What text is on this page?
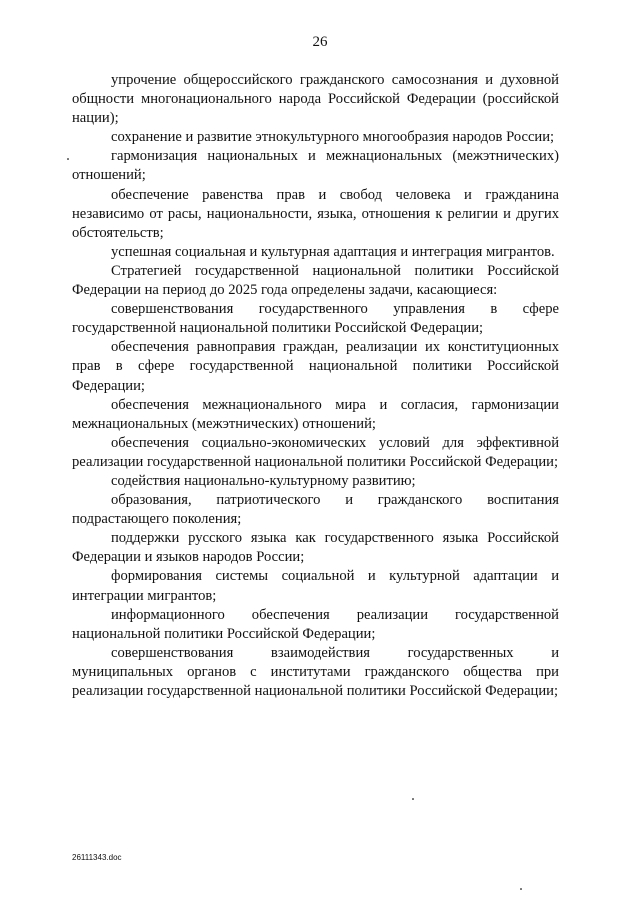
26

упрочение общероссийского гражданского самосознания и духовной общности многонационального народа Российской Федерации (российской нации);

сохранение и развитие этнокультурного многообразия народов России;

гармонизация национальных и межнациональных (межэтнических) отношений;

обеспечение равенства прав и свобод человека и гражданина независимо от расы, национальности, языка, отношения к религии и других обстоятельств;

успешная социальная и культурная адаптация и интеграция мигрантов.

Стратегией государственной национальной политики Российской Федерации на период до 2025 года определены задачи, касающиеся:

совершенствования государственного управления в сфере государственной национальной политики Российской Федерации;

обеспечения равноправия граждан, реализации их конституционных прав в сфере государственной национальной политики Российской Федерации;

обеспечения межнационального мира и согласия, гармонизации межнациональных (межэтнических) отношений;

обеспечения социально-экономических условий для эффективной реализации государственной национальной политики Российской Федерации;

содействия национально-культурному развитию;

образования, патриотического и гражданского воспитания подрастающего поколения;

поддержки русского языка как государственного языка Российской Федерации и языков народов России;

формирования системы социальной и культурной адаптации и интеграции мигрантов;

информационного обеспечения реализации государственной национальной политики Российской Федерации;

совершенствования взаимодействия государственных и муниципальных органов с институтами гражданского общества при реализации государственной национальной политики Российской Федерации;

26111343.doc
